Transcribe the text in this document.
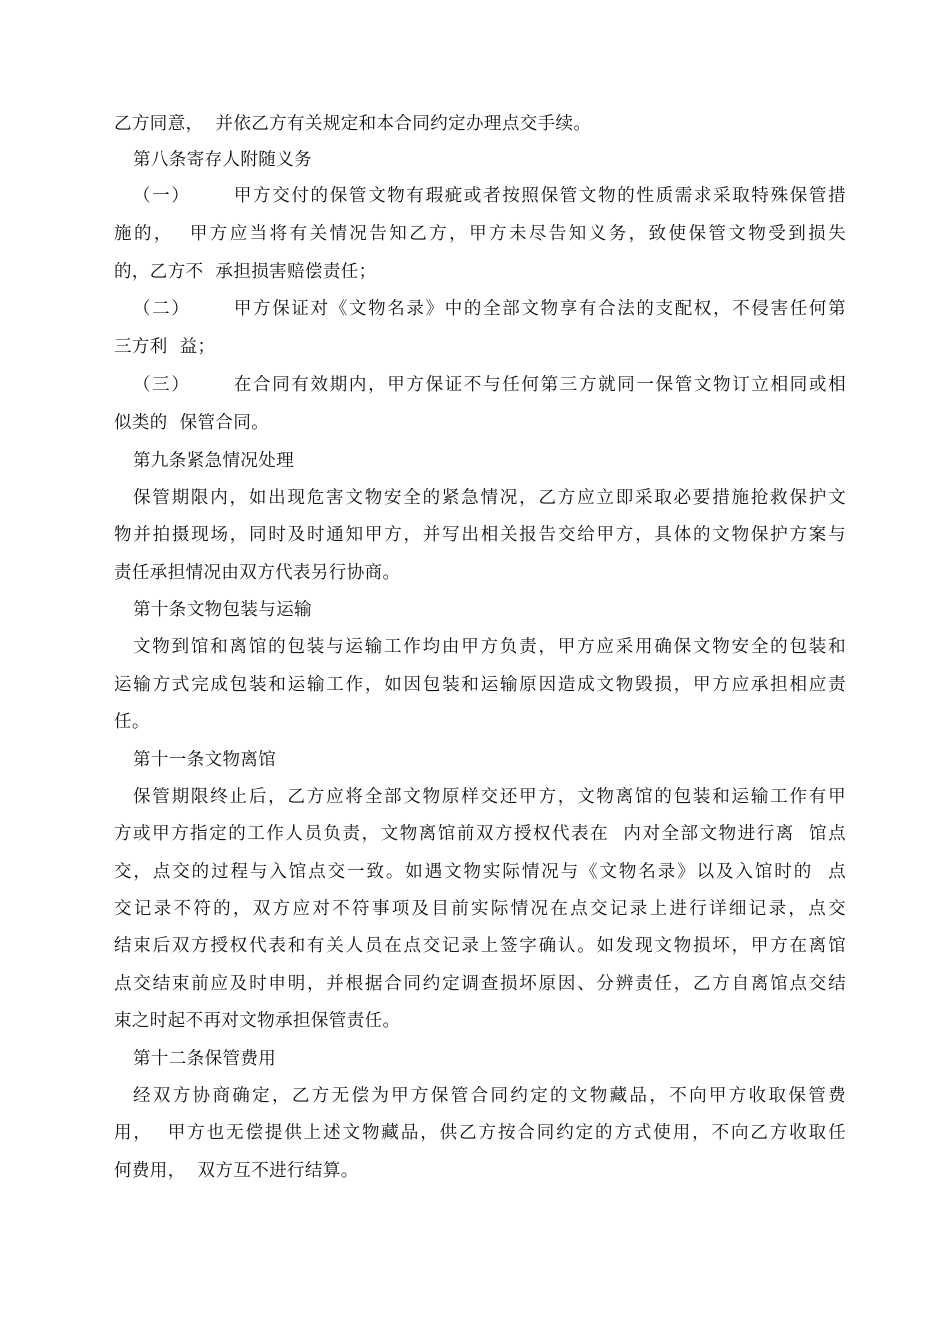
乙方同意，  并依乙方有关规定和本合同约定办理点交手续。
第八条寄存人附随义务
（一）      甲方交付的保管文物有瑕疵或者按照保管文物的性质需求采取特殊保管措
施的，  甲方应当将有关情况告知乙方，甲方未尽告知义务，致使保管文物受到损失
的，乙方不  承担损害赔偿责任；
（二）      甲方保证对《文物名录》中的全部文物享有合法的支配权，不侵害任何第
三方利  益；
（三）      在合同有效期内，甲方保证不与任何第三方就同一保管文物订立相同或相
似类的  保管合同。
第九条紧急情况处理
保管期限内，如出现危害文物安全的紧急情况，乙方应立即采取必要措施抢救保护文
物并拍摄现场，同时及时通知甲方，并写出相关报告交给甲方，具体的文物保护方案与
责任承担情况由双方代表另行协商。
第十条文物包装与运输
文物到馆和离馆的包装与运输工作均由甲方负责，甲方应采用确保文物安全的包装和
运输方式完成包装和运输工作，如因包装和运输原因造成文物毁损，甲方应承担相应责
任。
第十一条文物离馆
保管期限终止后，乙方应将全部文物原样交还甲方，文物离馆的包装和运输工作有甲
方或甲方指定的工作人员负责，文物离馆前双方授权代表在  内对全部文物进行离  馆点
交，点交的过程与入馆点交一致。如遇文物实际情况与《文物名录》以及入馆时的  点
交记录不符的，双方应对不符事项及目前实际情况在点交记录上进行详细记录，点交
结束后双方授权代表和有关人员在点交记录上签字确认。如发现文物损坏，甲方在离馆
点交结束前应及时申明，并根据合同约定调查损坏原因、分辨责任，乙方自离馆点交结
束之时起不再对文物承担保管责任。
第十二条保管费用
经双方协商确定，乙方无偿为甲方保管合同约定的文物藏品，不向甲方收取保管费
用，  甲方也无偿提供上述文物藏品，供乙方按合同约定的方式使用，不向乙方收取任
何费用，  双方互不进行结算。
